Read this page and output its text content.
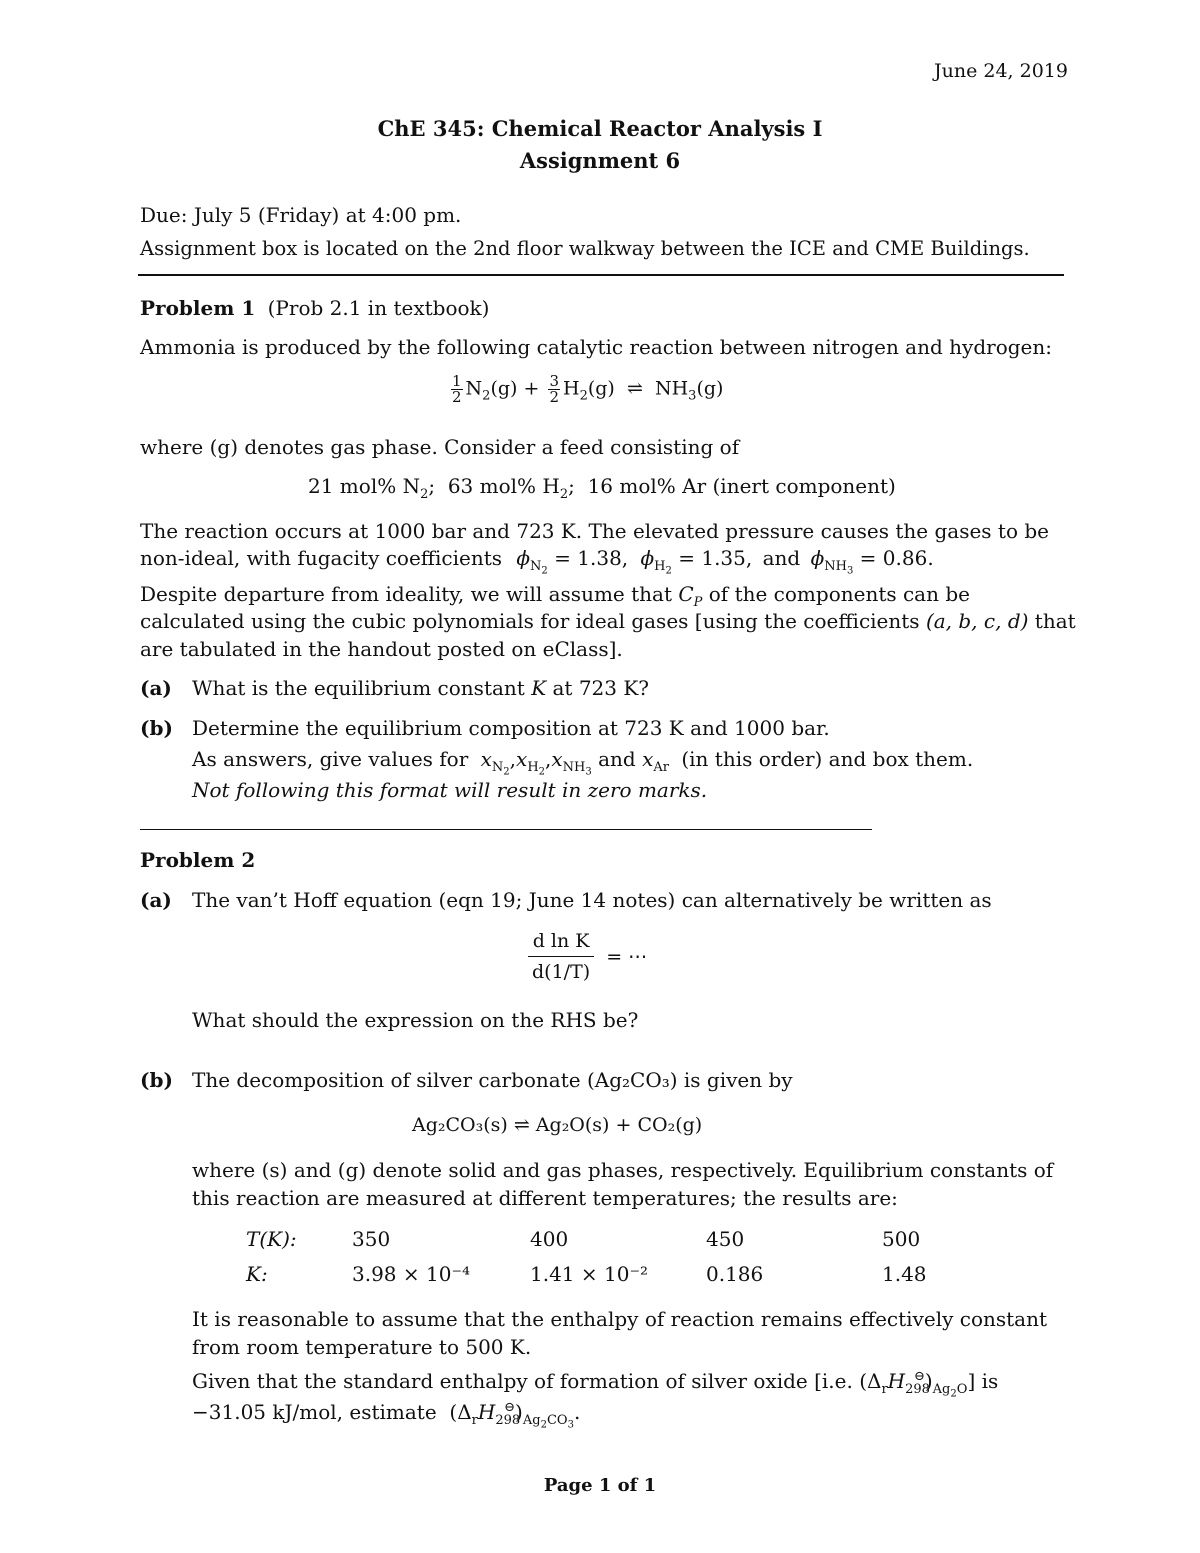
June 24, 2019
ChE 345: Chemical Reactor Analysis I
Assignment 6
Due: July 5 (Friday) at 4:00 pm.
Assignment box is located on the 2nd floor walkway between the ICE and CME Buildings.
Problem 1 (Prob 2.1 in textbook)
Ammonia is produced by the following catalytic reaction between nitrogen and hydrogen:
$\frac{1}{2} N_2(g) + \frac{3}{2} H_2(g)$  ⇌ $NH_3(g)$
where (g) denotes gas phase. Consider a feed consisting of
21 mol% $N_2$;  63 mol% $H_2$;  16 mol% Ar (inert component)
The reaction occurs at 1000 bar and 723 K. The elevated pressure causes the gases to be
non-ideal, with fugacity coefficients $\phi_{N_2} = 1.38$, $\phi_{H_2} = 1.35$, and $\phi_{NH_3} = 0.86$.
Despite departure from ideality, we will assume that $C_P$ of the components can be
calculated using the cubic polynomials for ideal gases [using the coefficients (a, b, c, d) that
are tabulated in the handout posted on eClass].
(a) What is the equilibrium constant K at 723 K?
(b) Determine the equilibrium composition at 723 K and 1000 bar.
As answers, give values for $x_{N_2},x_{H_2},x_{NH_3}$ and $x_{Ar}$ (in this order) and box them.
Not following this format will result in zero marks.
Problem 2
(a) The van’t Hoff equation (eqn 19; June 14 notes) can alternatively be written as
$\frac{\text{d ln K}}{d(1/T)}$ = ⋯
What should the expression on the RHS be?
(b) The decomposition of silver carbonate (Ag₂CO₃) is given by
Ag₂CO₃(s) ⇌ Ag₂O(s) + CO₂(g)
where (s) and (g) denote solid and gas phases, respectively. Equilibrium constants of
this reaction are measured at different temperatures; the results are:
T(K):	350	400	450	500
K:	3.98 × 10⁻⁴	1.41 × 10⁻²	0.186	1.48
It is reasonable to assume that the enthalpy of reaction remains effectively constant
from room temperature to 500 K.
Given that the standard enthalpy of formation of silver oxide [i.e. $(\Delta_rH_{298}^⊖)_{Ag_2O}$] is
−31.05 kJ/mol, estimate  $(\Delta_rH_{298}^⊖)_{Ag_2CO_3}$.
Page 1 of 1
